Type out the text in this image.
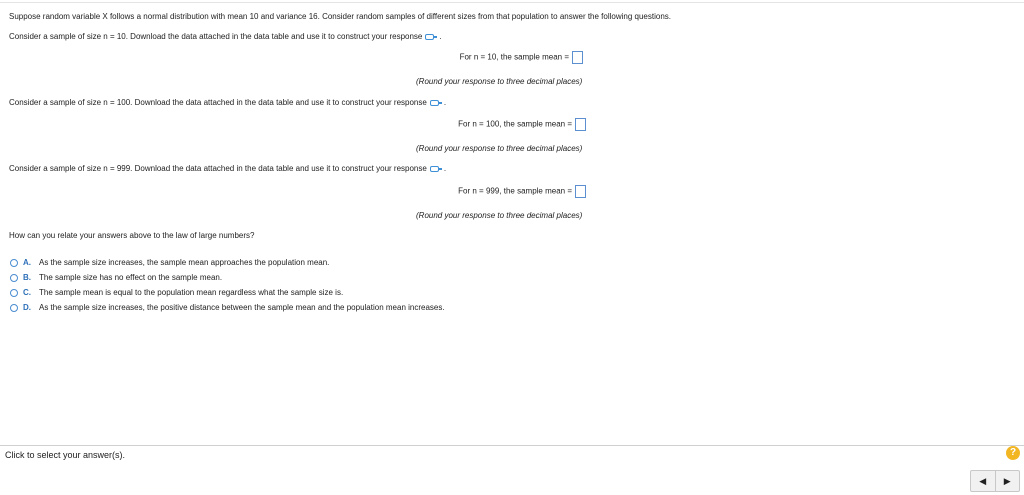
Suppose random variable X follows a normal distribution with mean 10 and variance 16. Consider random samples of different sizes from that population to answer the following questions.
Consider a sample of size n = 10. Download the data attached in the data table and use it to construct your response .
For n = 10, the sample mean =
(Round your response to three decimal places)
Consider a sample of size n = 100. Download the data attached in the data table and use it to construct your response .
For n = 100, the sample mean =
(Round your response to three decimal places)
Consider a sample of size n = 999. Download the data attached in the data table and use it to construct your response .
For n = 999, the sample mean =
(Round your response to three decimal places)
How can you relate your answers above to the law of large numbers?
A.	As the sample size increases, the sample mean approaches the population mean.
B.	The sample size has no effect on the sample mean.
C.	The sample mean is equal to the population mean regardless what the sample size is.
D.	As the sample size increases, the positive distance between the sample mean and the population mean increases.
Click to select your answer(s).	?
◀	▶
